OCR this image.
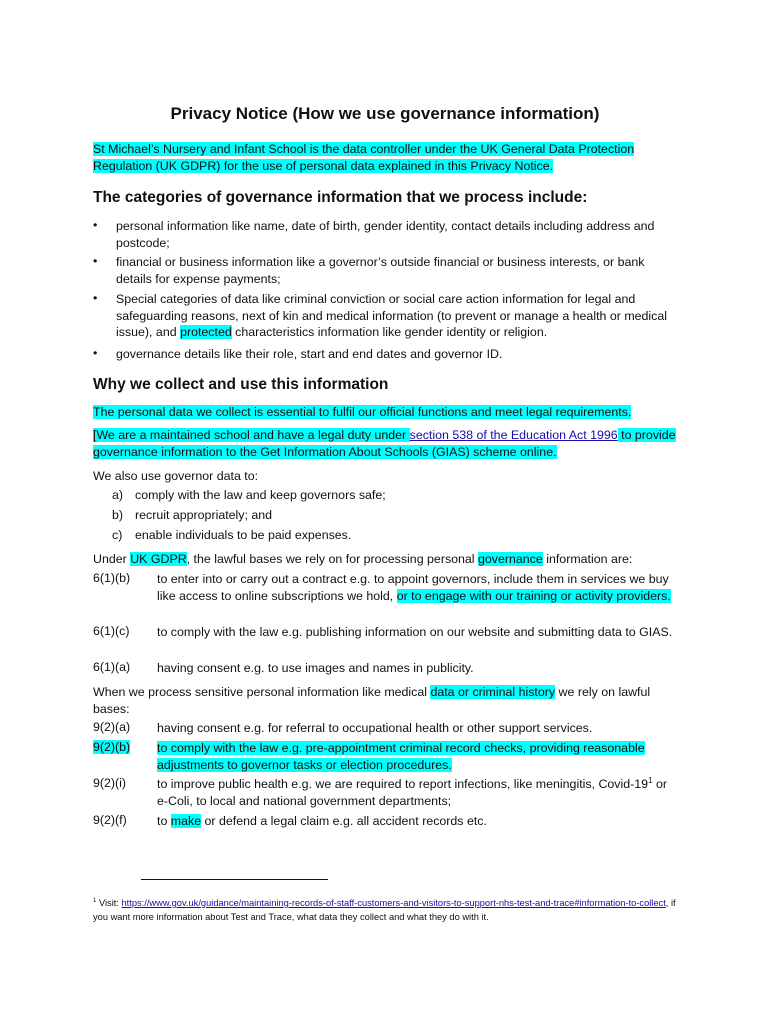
Privacy Notice (How we use governance information)
St Michael’s Nursery and Infant School is the data controller under the UK General Data Protection Regulation (UK GDPR) for the use of personal data explained in this Privacy Notice.
The categories of governance information that we process include:
• personal information like name, date of birth, gender identity, contact details including address and postcode;
• financial or business information like a governor’s outside financial or business interests, or bank details for expense payments;
• Special categories of data like criminal conviction or social care action information for legal and safeguarding reasons, next of kin and medical information (to prevent or manage a health or medical issue), and protected characteristics information like gender identity or religion.
• governance details like their role, start and end dates and governor ID.
Why we collect and use this information
The personal data we collect is essential to fulfil our official functions and meet legal requirements.
[We are a maintained school and have a legal duty under section 538 of the Education Act 1996 to provide governance information to the Get Information About Schools (GIAS) scheme online.
We also use governor data to:
a) comply with the law and keep governors safe;
b) recruit appropriately; and
c) enable individuals to be paid expenses.
Under UK GDPR, the lawful bases we rely on for processing personal governance information are:
6(1)(b) to enter into or carry out a contract e.g. to appoint governors, include them in services we buy like access to online subscriptions we hold, or to engage with our training or activity providers.
6(1)(c) to comply with the law e.g. publishing information on our website and submitting data to GIAS.
6(1)(a) having consent e.g. to use images and names in publicity.
When we process sensitive personal information like medical data or criminal history we rely on lawful bases:
9(2)(a) having consent e.g. for referral to occupational health or other support services.
9(2)(b) to comply with the law e.g. pre-appointment criminal record checks, providing reasonable adjustments to governor tasks or election procedures.
9(2)(i) to improve public health e.g. we are required to report infections, like meningitis, Covid-$19^1$ or e-Coli, to local and national government departments;
9(2)(f) to make or defend a legal claim e.g. all accident records etc.
$^1$ Visit: https://www.gov.uk/guidance/maintaining-records-of-staff-customers-and-visitors-to-support-nhs-test-and-trace#information-to-collect, if you want more information about Test and Trace, what data they collect and what they do with it.
